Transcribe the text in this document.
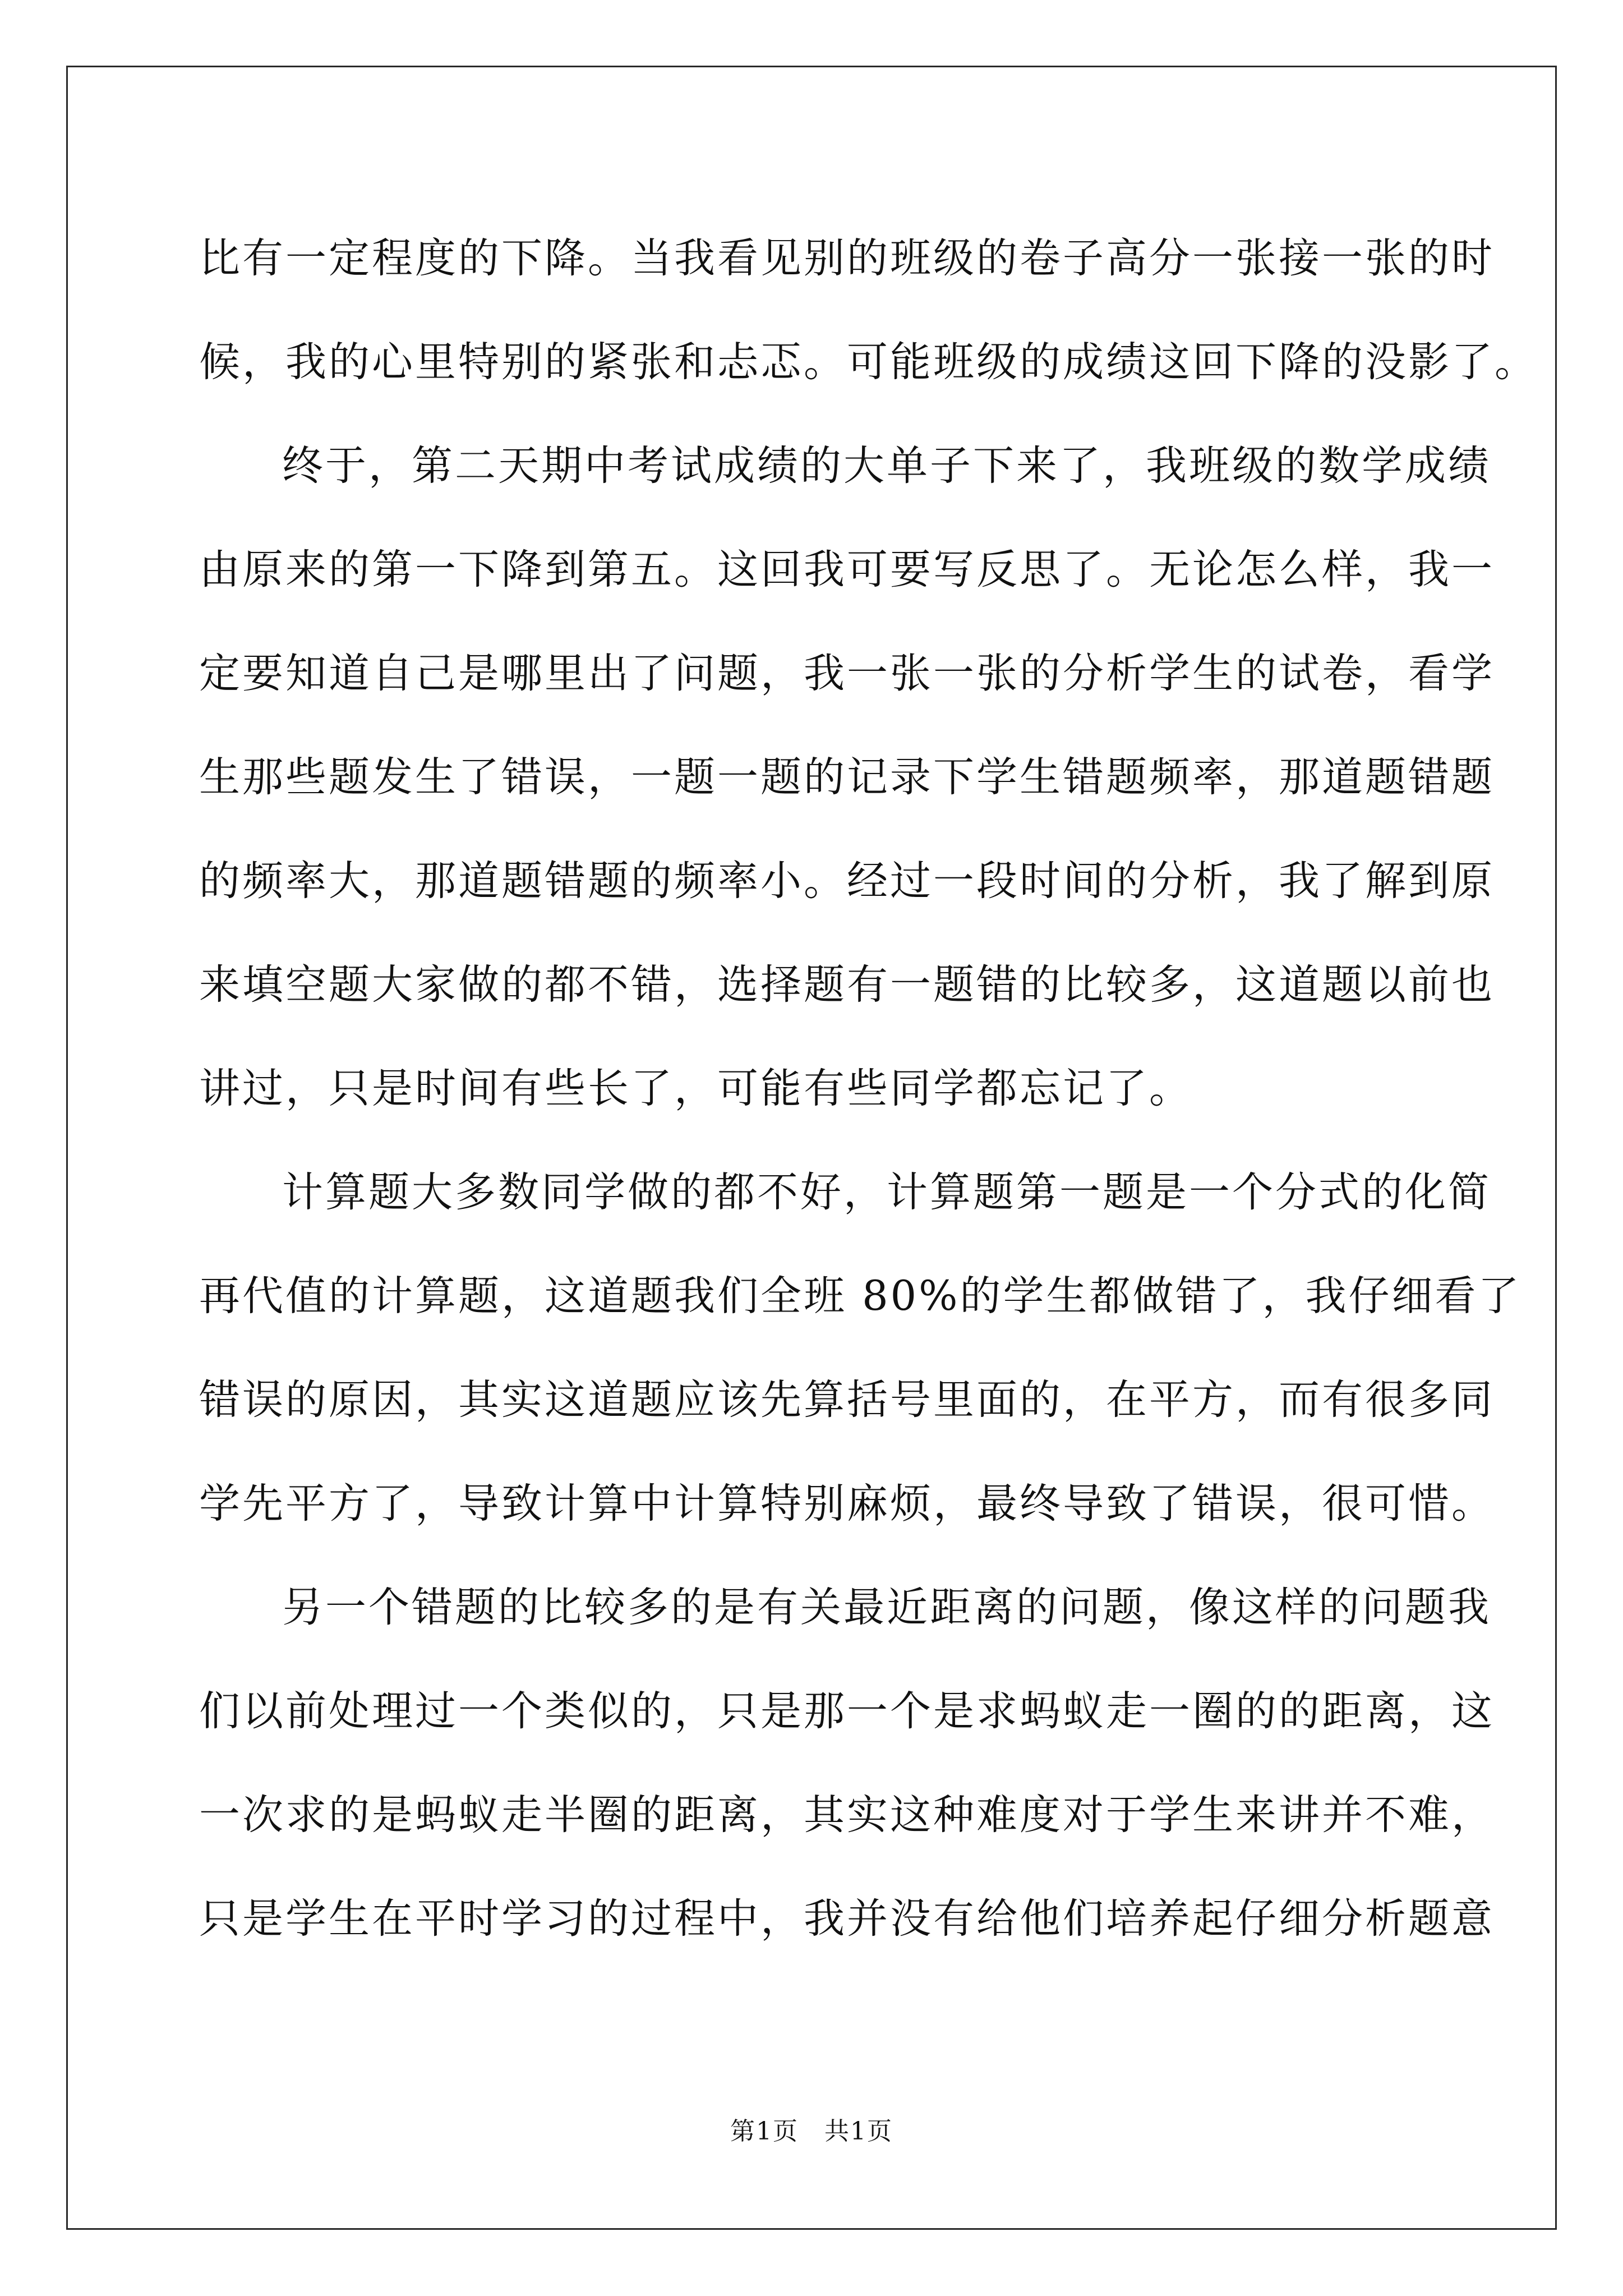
比有一定程度的下降。当我看见别的班级的卷子高分一张接一张的时
候，我的心里特别的紧张和忐忑。可能班级的成绩这回下降的没影了。
终于，第二天期中考试成绩的大单子下来了，我班级的数学成绩
由原来的第一下降到第五。这回我可要写反思了。无论怎么样，我一
定要知道自己是哪里出了问题，我一张一张的分析学生的试卷，看学
生那些题发生了错误，一题一题的记录下学生错题频率，那道题错题
的频率大，那道题错题的频率小。经过一段时间的分析，我了解到原
来填空题大家做的都不错，选择题有一题错的比较多，这道题以前也
讲过，只是时间有些长了，可能有些同学都忘记了。
计算题大多数同学做的都不好，计算题第一题是一个分式的化简
再代值的计算题，这道题我们全班 80%的学生都做错了，我仔细看了
错误的原因，其实这道题应该先算括号里面的，在平方，而有很多同
学先平方了，导致计算中计算特别麻烦，最终导致了错误，很可惜。
另一个错题的比较多的是有关最近距离的问题，像这样的问题我
们以前处理过一个类似的，只是那一个是求蚂蚁走一圈的的距离，这
一次求的是蚂蚁走半圈的距离，其实这种难度对于学生来讲并不难，
只是学生在平时学习的过程中，我并没有给他们培养起仔细分析题意
第1页　共1页
